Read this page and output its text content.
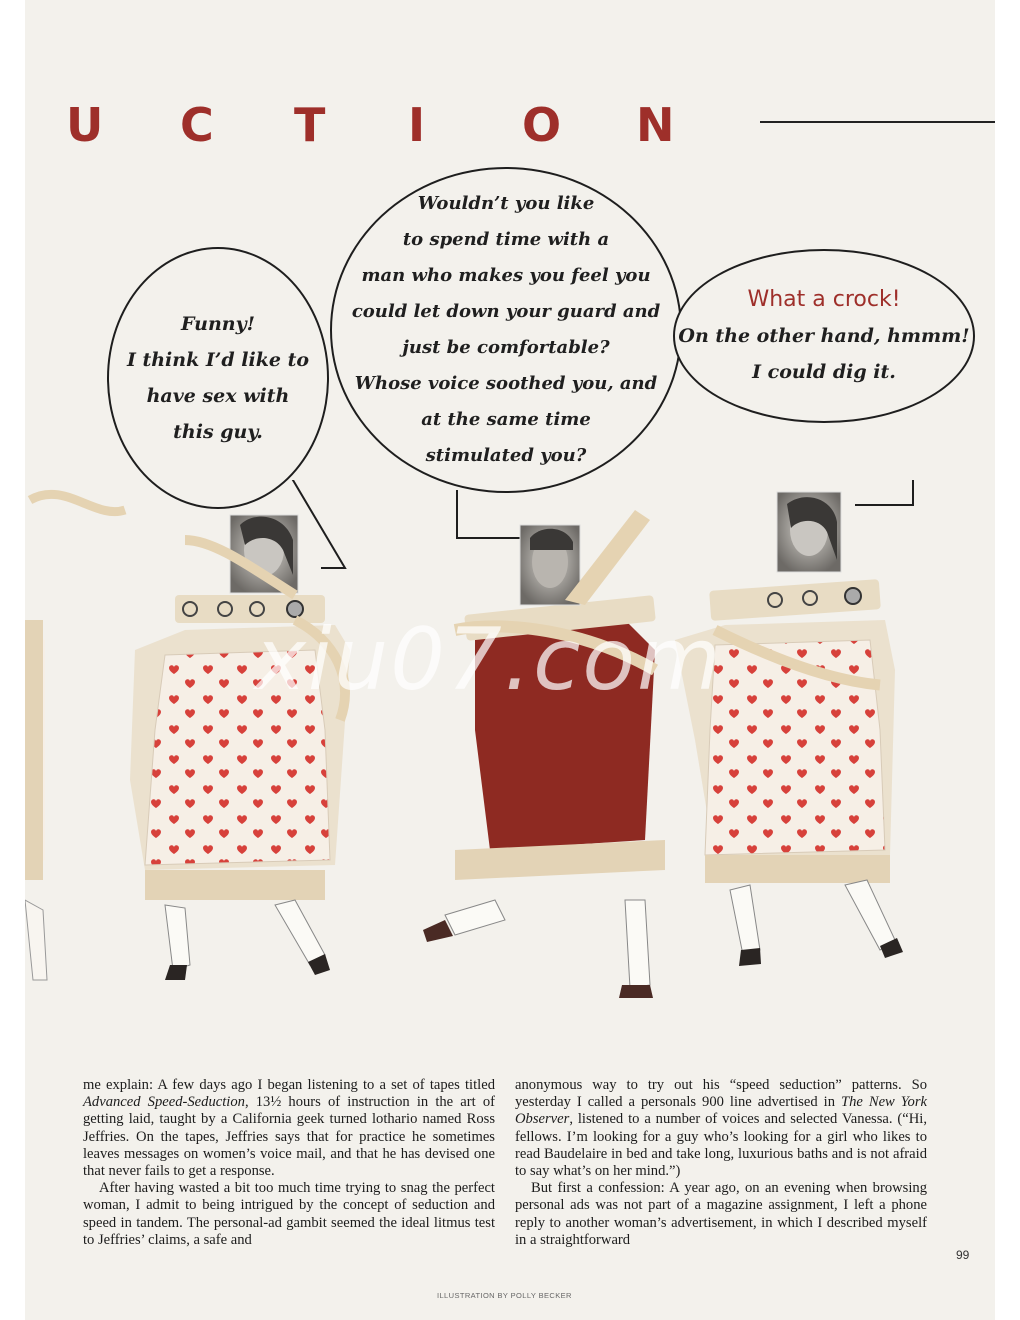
U	C	T	I	O	N
xiu07.com
Funny!
I think I’d like to
have sex with
this guy.
Wouldn’t you like
to spend time with a
man who makes you feel you
could let down your guard and
just be comfortable?
Whose voice soothed you, and
at the same time
stimulated you?
What a crock!
On the other hand, hmmm!
I could dig it.

me explain: A few days ago I began listening to a set of tapes titled Advanced Speed-Seduction, 13½ hours of instruction in the art of getting laid, taught by a California geek turned lothario named Ross Jeffries. On the tapes, Jeffries says that for practice he sometimes leaves messages on women’s voice mail, and that he has devised one that never fails to get a response.

After having wasted a bit too much time trying to snag the perfect woman, I admit to being intrigued by the concept of seduction and speed in tandem. The personal-ad gambit seemed the ideal litmus test to Jeffries’ claims, a safe and

anonymous way to try out his “speed seduction” patterns. So yesterday I called a personals 900 line advertised in The New York Observer, listened to a number of voices and selected Vanessa. (“Hi, fellows. I’m looking for a guy who’s looking for a girl who likes to read Baudelaire in bed and take long, luxurious baths and is not afraid to say what’s on her mind.”)

But first a confession: A year ago, on an evening when browsing personal ads was not part of a magazine assignment, I left a phone reply to another woman’s advertisement, in which I described myself in a straightforward

99
ILLUSTRATION BY POLLY BECKER
